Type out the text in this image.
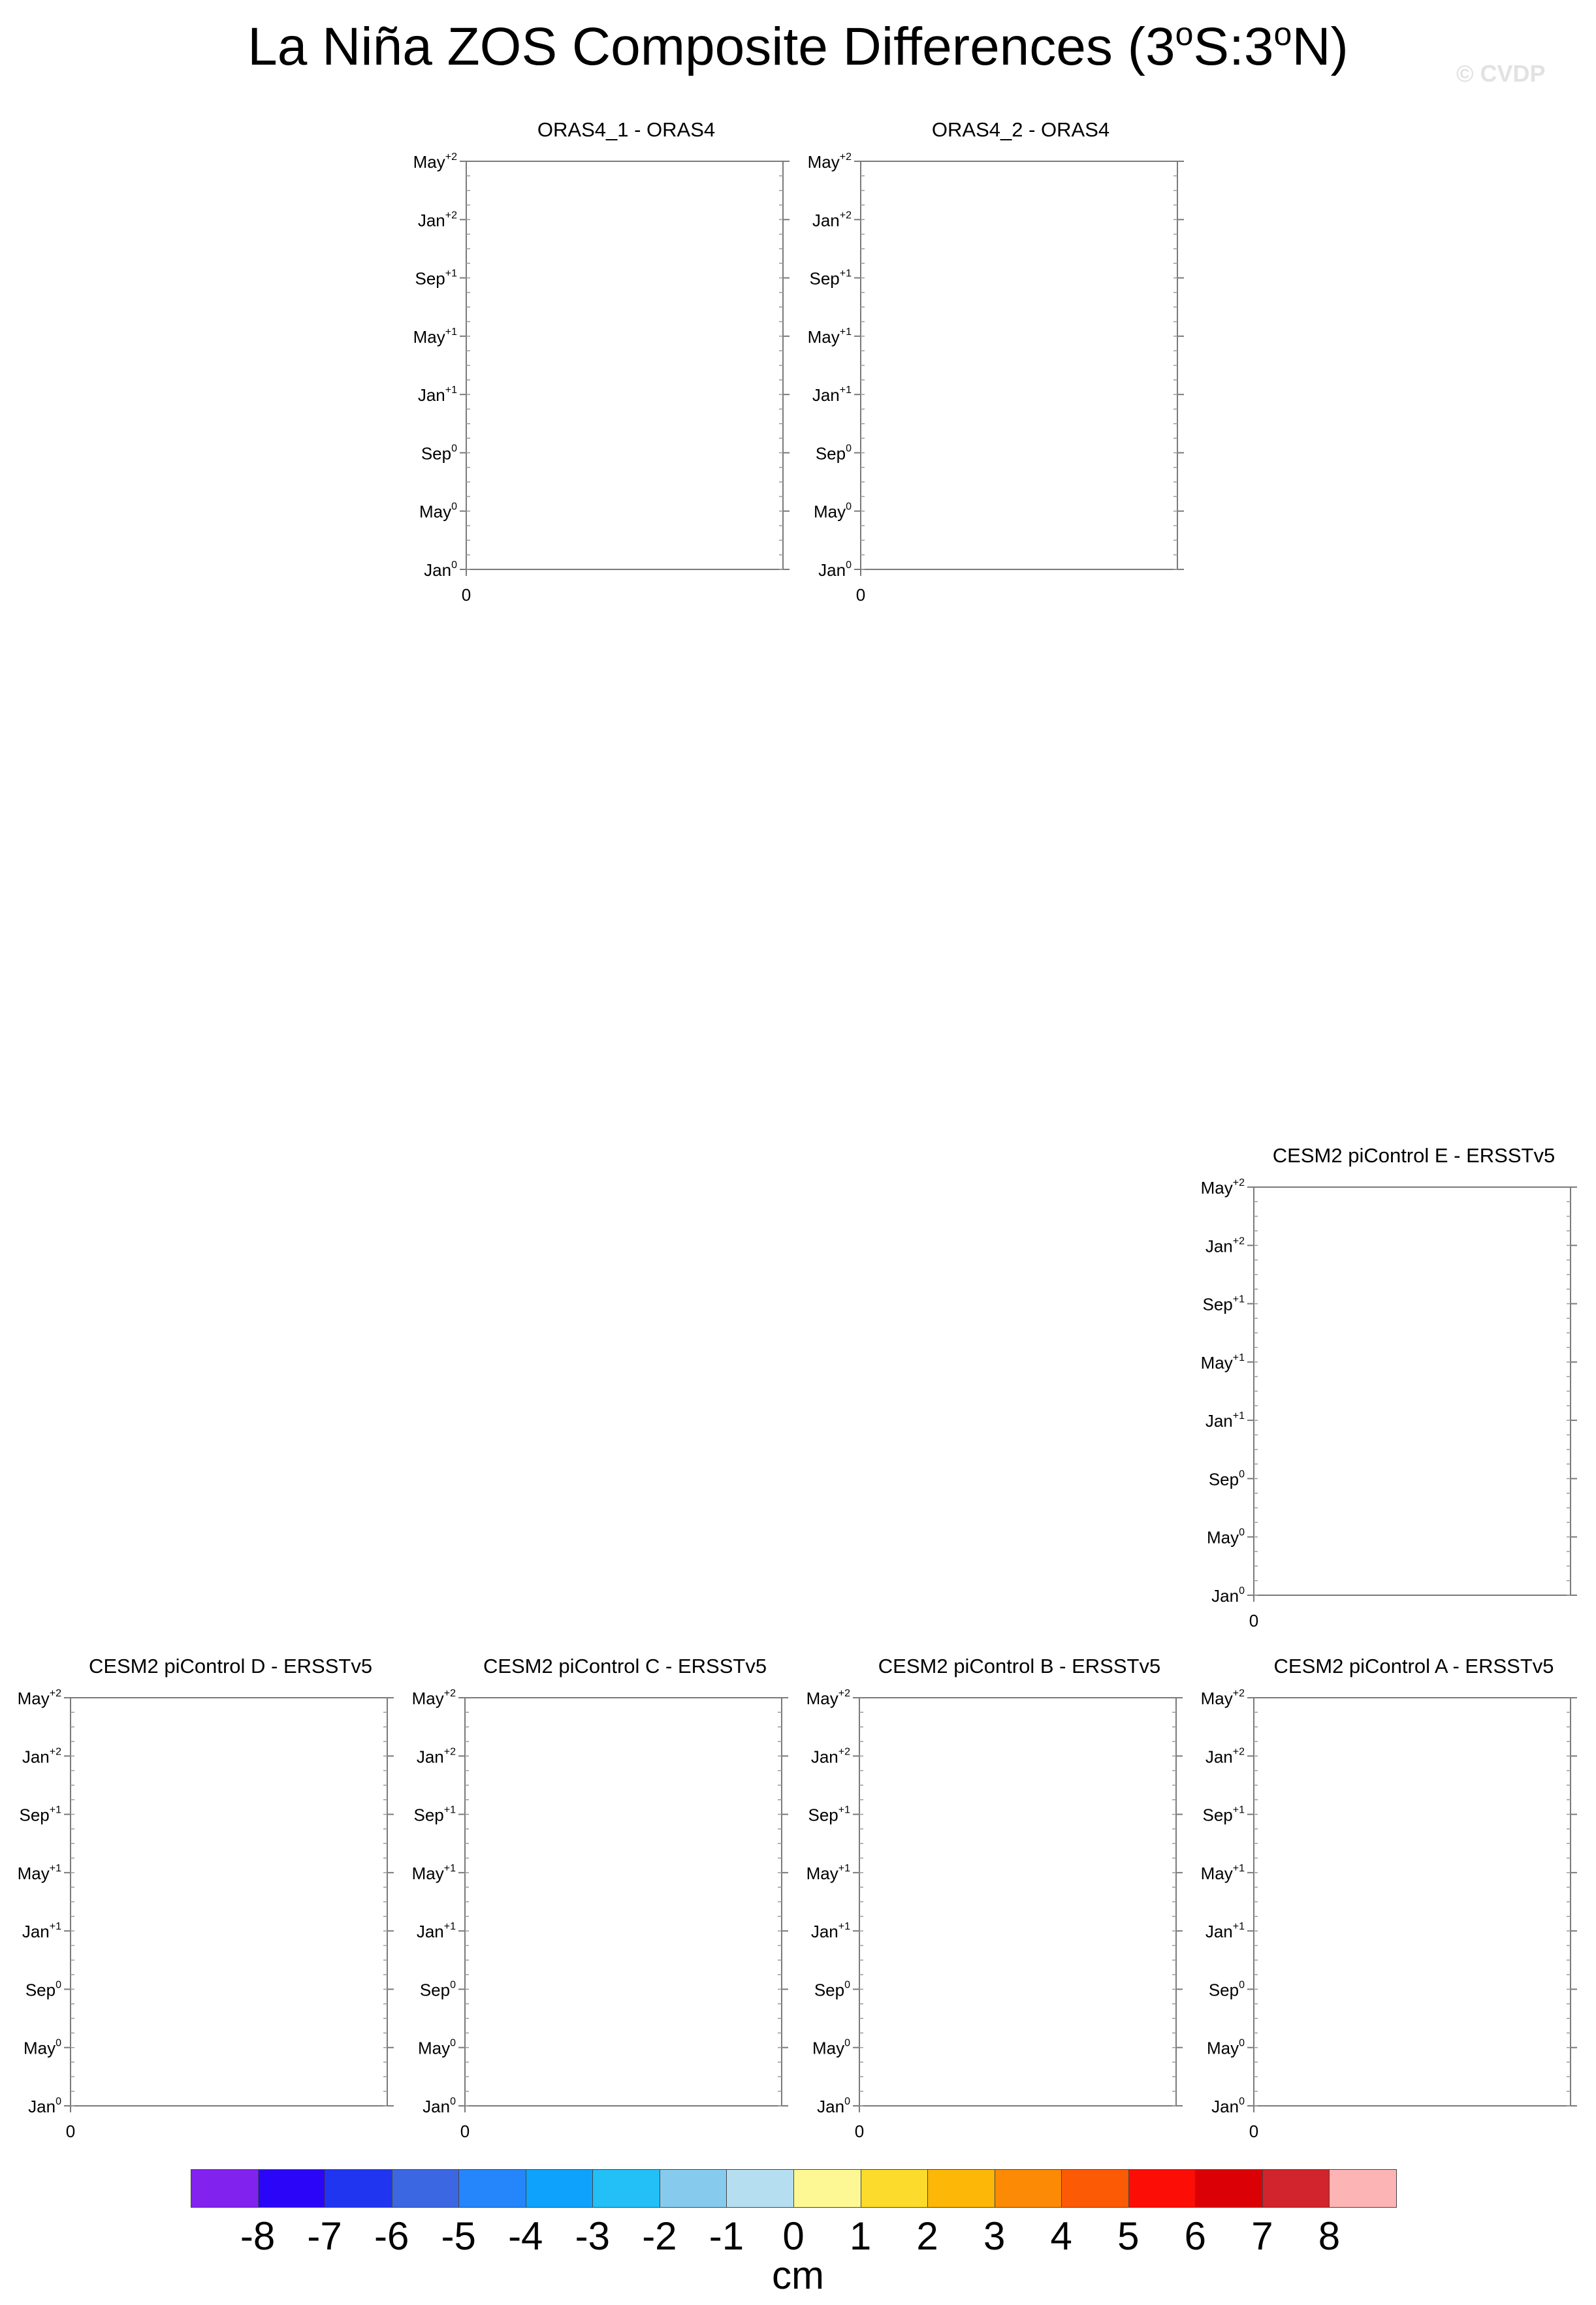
La Niña ZOS Composite Differences (3$^o$S:3$^o$N)	© CVDP
ORAS4_1 - ORAS4
Jan$^0$
May$^0$
Sep$^0$
Jan$^{+1}$
May$^{+1}$
Sep$^{+1}$
Jan$^{+2}$
May$^{+2}$
0
ORAS4_2 - ORAS4
Jan$^0$
May$^0$
Sep$^0$
Jan$^{+1}$
May$^{+1}$
Sep$^{+1}$
Jan$^{+2}$
May$^{+2}$
0
CESM2 piControl E - ERSSTv5
Jan$^0$
May$^0$
Sep$^0$
Jan$^{+1}$
May$^{+1}$
Sep$^{+1}$
Jan$^{+2}$
May$^{+2}$
0
CESM2 piControl D - ERSSTv5
Jan$^0$
May$^0$
Sep$^0$
Jan$^{+1}$
May$^{+1}$
Sep$^{+1}$
Jan$^{+2}$
May$^{+2}$
0
CESM2 piControl C - ERSSTv5
Jan$^0$
May$^0$
Sep$^0$
Jan$^{+1}$
May$^{+1}$
Sep$^{+1}$
Jan$^{+2}$
May$^{+2}$
0
CESM2 piControl B - ERSSTv5
Jan$^0$
May$^0$
Sep$^0$
Jan$^{+1}$
May$^{+1}$
Sep$^{+1}$
Jan$^{+2}$
May$^{+2}$
0
CESM2 piControl A - ERSSTv5
Jan$^0$
May$^0$
Sep$^0$
Jan$^{+1}$
May$^{+1}$
Sep$^{+1}$
Jan$^{+2}$
May$^{+2}$
0
cm
-8 -7 -6 -5 -4 -3 -2 -1 0	1	2	3	4	5	6	7	8
